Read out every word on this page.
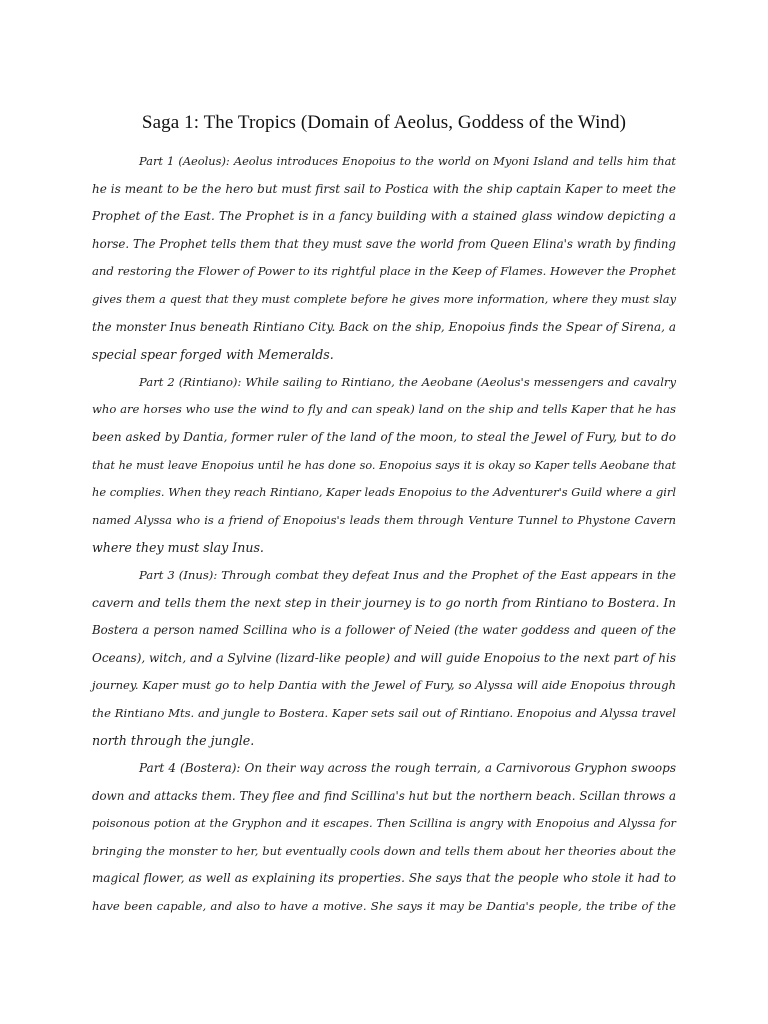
Saga 1: The Tropics (Domain of Aeolus, Goddess of the Wind)
Part 1 (Aeolus): Aeolus introduces Enopoius to the world on Myoni Island and tells him that
he is meant to be the hero but must first sail to Postica with the ship captain Kaper to meet the
Prophet of the East. The Prophet is in a fancy building with a stained glass window depicting a
horse. The Prophet tells them that they must save the world from Queen Elina's wrath by finding
and restoring the Flower of Power to its rightful place in the Keep of Flames. However the Prophet
gives them a quest that they must complete before he gives more information, where they must slay
the monster Inus beneath Rintiano City. Back on the ship, Enopoius finds the Spear of Sirena, a
special spear forged with Memeralds.
Part 2 (Rintiano): While sailing to Rintiano, the Aeobane (Aeolus's messengers and cavalry
who are horses who use the wind to fly and can speak) land on the ship and tells Kaper that he has
been asked by Dantia, former ruler of the land of the moon, to steal the Jewel of Fury, but to do
that he must leave Enopoius until he has done so. Enopoius says it is okay so Kaper tells Aeobane that
he complies. When they reach Rintiano, Kaper leads Enopoius to the Adventurer's Guild where a girl
named Alyssa who is a friend of Enopoius's leads them through Venture Tunnel to Phystone Cavern
where they must slay Inus.
Part 3 (Inus): Through combat they defeat Inus and the Prophet of the East appears in the
cavern and tells them the next step in their journey is to go north from Rintiano to Bostera. In
Bostera a person named Scillina who is a follower of Neied (the water goddess and queen of the
Oceans), witch, and a Sylvine (lizard-like people) and will guide Enopoius to the next part of his
journey. Kaper must go to help Dantia with the Jewel of Fury, so Alyssa will aide Enopoius through
the Rintiano Mts. and jungle to Bostera. Kaper sets sail out of Rintiano. Enopoius and Alyssa travel
north through the jungle.
Part 4 (Bostera): On their way across the rough terrain, a Carnivorous Gryphon swoops
down and attacks them. They flee and find Scillina's hut but the northern beach. Scillan throws a
poisonous potion at the Gryphon and it escapes. Then Scillina is angry with Enopoius and Alyssa for
bringing the monster to her, but eventually cools down and tells them about her theories about the
magical flower, as well as explaining its properties. She says that the people who stole it had to
have been capable, and also to have a motive. She says it may be Dantia's people, the tribe of the
